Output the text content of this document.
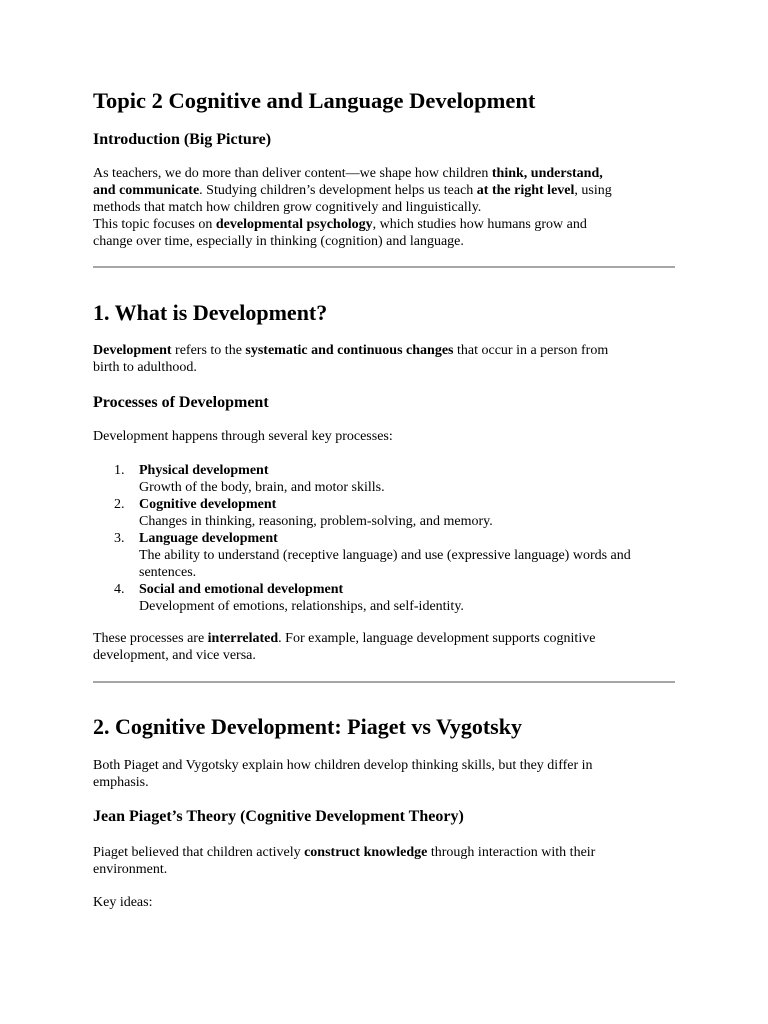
Topic 2 Cognitive and Language Development
Introduction (Big Picture)

As teachers, we do more than deliver content—we shape how children think, understand,
and communicate. Studying children’s development helps us teach at the right level, using
methods that match how children grow cognitively and linguistically.
This topic focuses on developmental psychology, which studies how humans grow and
change over time, especially in thinking (cognition) and language.

1. What is Development?

Development refers to the systematic and continuous changes that occur in a person from
birth to adulthood.

Processes of Development

Development happens through several key processes:

1. Physical development
Growth of the body, brain, and motor skills.
2. Cognitive development
Changes in thinking, reasoning, problem-solving, and memory.
3. Language development
The ability to understand (receptive language) and use (expressive language) words and sentences.
4. Social and emotional development
Development of emotions, relationships, and self-identity.

These processes are interrelated. For example, language development supports cognitive
development, and vice versa.

2. Cognitive Development: Piaget vs Vygotsky

Both Piaget and Vygotsky explain how children develop thinking skills, but they differ in
emphasis.

Jean Piaget’s Theory (Cognitive Development Theory)

Piaget believed that children actively construct knowledge through interaction with their
environment.

Key ideas:
